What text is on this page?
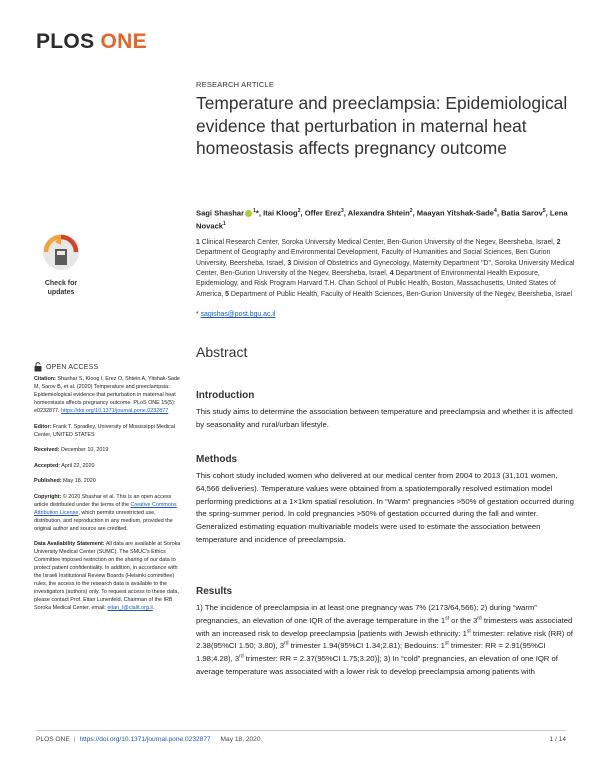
PLOS ONE
Check for
updates
OPEN ACCESS

Citation: Shashar S, Kloog I, Erez O, Shtein A, Yitshak-Sade M, Sarov B, et al. (2020) Temperature and preeclampsia: Epidemiological evidence that perturbation in maternal heat homeostasis affects pregnancy outcome. PLoS ONE 15(5): e0232877. https://doi.org/10.1371/journal.pone.0232877

Editor: Frank T. Spradley, University of Mississippi Medical Center, UNITED STATES

Received: December 10, 2019

Accepted: April 22, 2020

Published: May 18, 2020

Copyright: © 2020 Shashar et al. This is an open access article distributed under the terms of the Creative Commons Attribution License, which permits unrestricted use, distribution, and reproduction in any medium, provided the original author and source are credited.

Data Availability Statement: All data are available at Soroka University Medical Center (SUMC). The SMUC's Ethics Committee imposed restriction on the sharing of our data to protect patient confidentiality. In addition, in accordance with the Israeli Institutional Review Boards (Helsinki committee) rules, the access to the research data is available to the investigators (authors) only. To request access to these data, please contact Prof. Eitan Lunenfeld, Chairman of the IRB Soroka Medical Center, email: eitan_l@clalit.org.il.

RESEARCH ARTICLE
Temperature and preeclampsia: Epidemiological evidence that perturbation in maternal heat homeostasis affects pregnancy outcome
Sagi Shashar $^1$*, Itai Kloog$^2$, Offer Erez$^3$, Alexandra Shtein$^2$, Maayan Yitshak-Sade$^4$, Batia Sarov$^5$, Lena Novack$^1$
1 Clinical Research Center, Soroka University Medical Center, Ben-Gurion University of the Negev, Beersheba, Israel, 2 Department of Geography and Environmental Development, Faculty of Humanities and Social Sciences, Ben Gurion University, Beersheba, Israel, 3 Division of Obstetrics and Gynecology, Maternity Department "D", Soroka University Medical Center, Ben-Gurion University of the Negev, Beersheba, Israel, 4 Department of Environmental Health Exposure, Epidemiology, and Risk Program Harvard T.H. Chan School of Public Health, Boston, Massachusetts, United States of America, 5 Department of Public Health, Faculty of Health Sciences, Ben-Gurion University of the Negev, Beersheba, Israel
* sagishas@post.bgu.ac.il
Abstract
Introduction

This study aims to determine the association between temperature and preeclampsia and whether it is affected by seasonality and rural/urban lifestyle.

Methods

This cohort study included women who delivered at our medical center from 2004 to 2013 (31,101 women, 64,566 deliveries). Temperature values were obtained from a spatiotemporally resolved estimation model performing predictions at a 1×1km spatial resolution. In “Warm” pregnancies >50% of gestation occurred during the spring-summer period. In cold pregnancies >50% of gestation occurred during the fall and winter. Generalized estimating equation multivariable models were used to estimate the association between temperature and incidence of preeclampsia.

Results

1) The incidence of preeclampsia in at least one pregnancy was 7% (2173/64,566); 2) during “warm” pregnancies, an elevation of one IQR of the average temperature in the 1st or the 3rd trimesters was associated with an increased risk to develop preeclampsia [patients with Jewish ethnicity: 1st trimester: relative risk (RR) of 2.38(95%CI 1.50; 3.80), 3rd trimester 1.94(95%CI 1.34;2.81); Bedouins: 1st trimester: RR = 2.91(95%CI 1.98;4.28), 3rd trimester: RR = 2.37(95%CI 1.75;3.20)]; 3) In “cold” pregnancies, an elevation of one IQR of average temperature was associated with a lower risk to develop preeclampsia among patients with

PLOS ONE | https://doi.org/10.1371/journal.pone.0232877 May 18, 2020	1 / 14
